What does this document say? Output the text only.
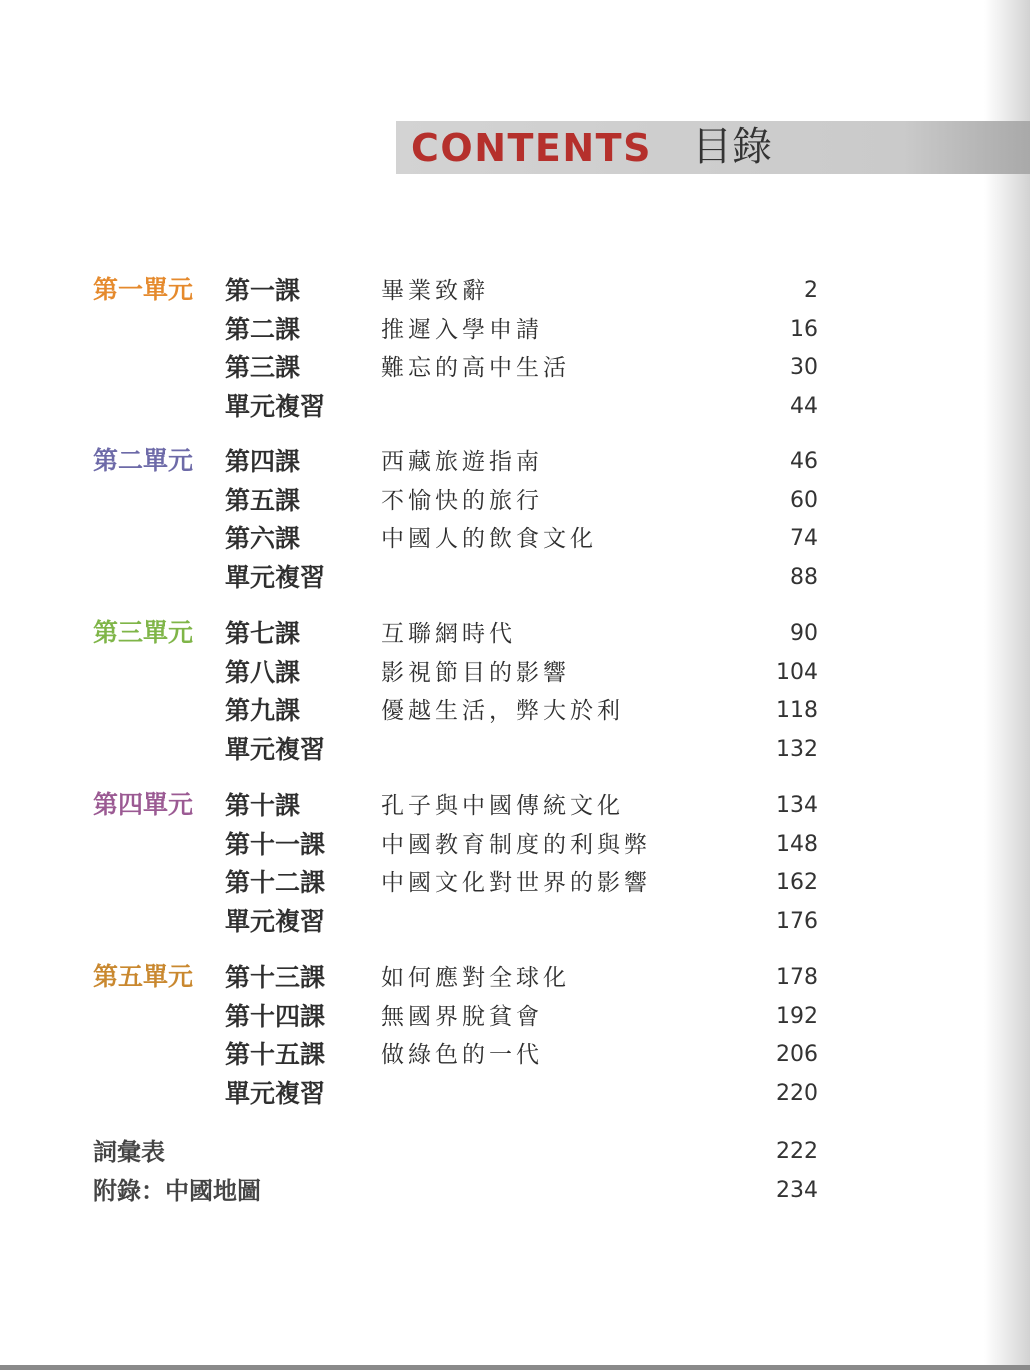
CONTENTS 目錄
第一單元 第一課	畢業致辭	2
第二課	推遲入學申請	16
第三課	難忘的高中生活	30
單元複習	44
第二單元 第四課	西藏旅遊指南	46
第五課	不愉快的旅行	60
第六課	中國人的飲食文化	74
單元複習	88
第三單元 第七課	互聯網時代	90
第八課	影視節目的影響	104
第九課	優越生活，弊大於利	118
單元複習	132
第四單元 第十課	孔子與中國傳統文化	134
第十一課 中國教育制度的利與弊	148
第十二課 中國文化對世界的影響	162
單元複習	176
第五單元 第十三課 如何應對全球化	178
第十四課 無國界脫貧會	192
第十五課 做綠色的一代	206
單元複習	220
詞彙表	222
附錄：中國地圖	234
